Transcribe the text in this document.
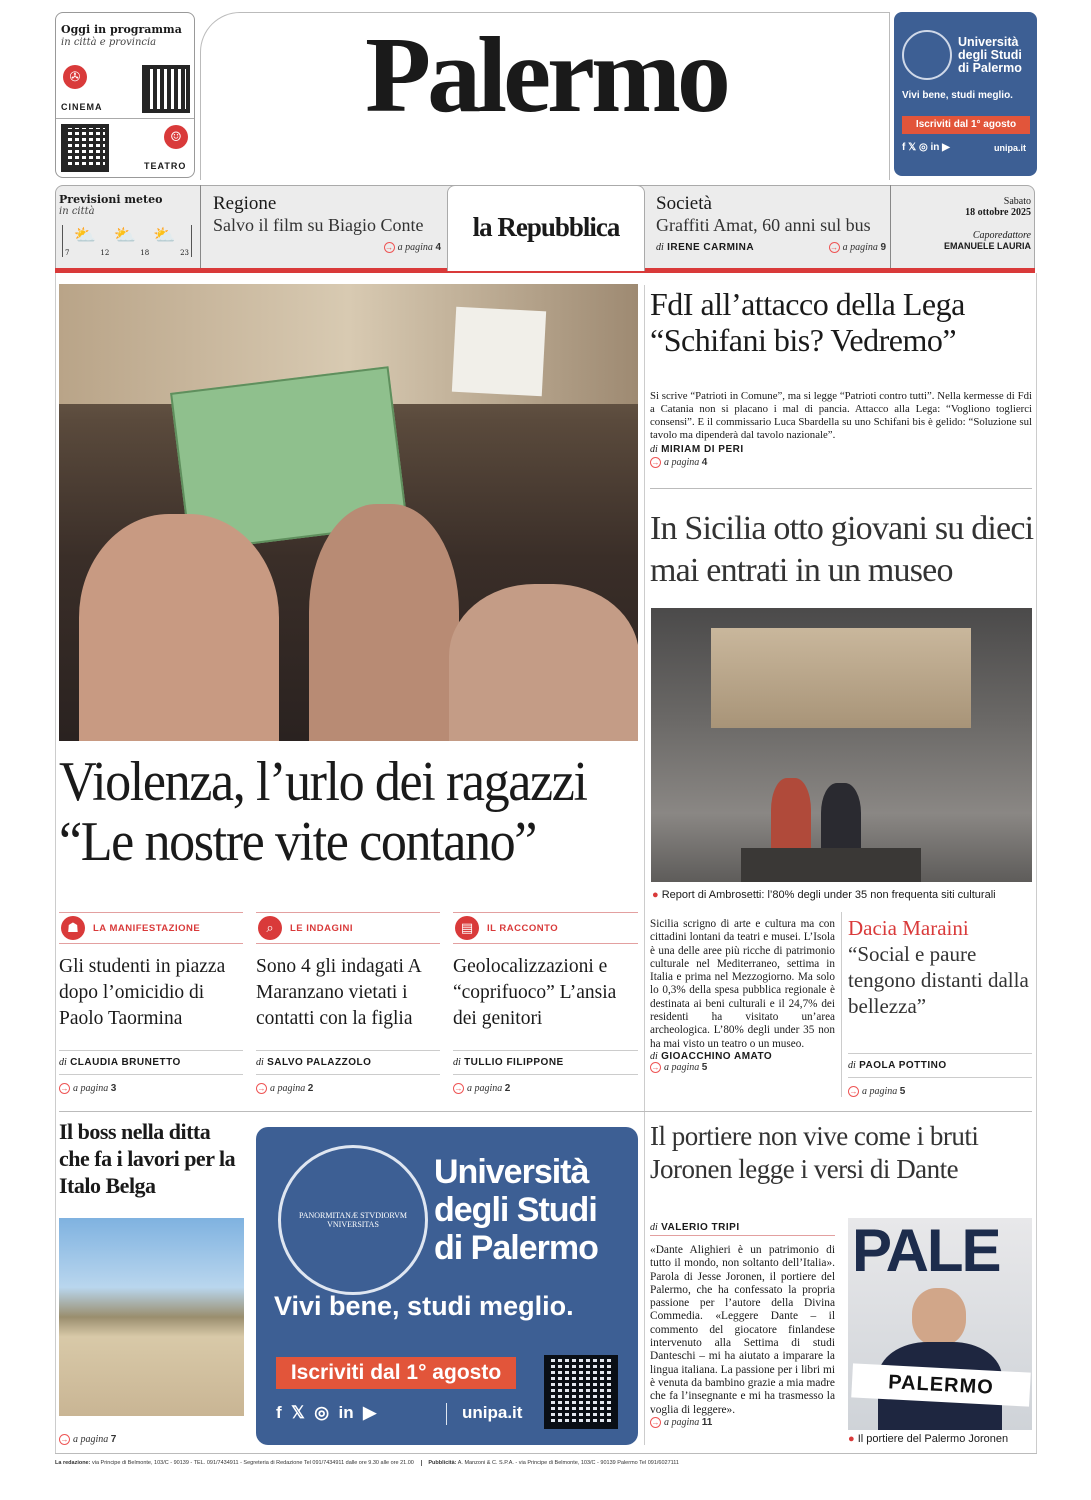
Oggi in programma
in città e provincia
✇
CINEMA
☺
TEATRO
Palermo	Università
degli Studi
di Palermo
Vivi bene, studi meglio.
Iscriviti dal 1° agosto
f 𝕏 ◎ in ▶	unipa.it
Previsioni meteo
in città
7
⛅
12
⛅
18
⛅
23
Regione
Salvo il film su Biagio Conte
→ a pagina 4
la Repubblica
Società
Graffiti Amat, 60 anni sul bus
di IRENE CARMINA	→ a pagina 9
Sabato
18 ottobre 2025
Caporedattore
EMANUELE LAURIA
Violenza, l’urlo dei ragazzi
“Le nostre vite contano”
☗	LA MANIFESTAZIONE
Gli studenti in piazza dopo l’omicidio di Paolo Taormina
di CLAUDIA BRUNETTO
→ a pagina 3
⌕	LE INDAGINI
Sono 4 gli indagati A Maranzano vietati i contatti con la figlia
di SALVO PALAZZOLO
→ a pagina 2
▤	IL RACCONTO
Geolocalizzazioni e “coprifuoco” L’ansia dei genitori
di TULLIO FILIPPONE
→ a pagina 2
FdI all’attacco della Lega “Schifani bis? Vedremo”
Si scrive “Patrioti in Comune”, ma si legge “Patrioti contro tutti”. Nella kermesse di Fdi a Catania non si placano i mal di pancia. Attacco alla Lega: “Vogliono toglierci consensi”. E il commissario Luca Sbardella su uno Schifani bis è gelido: “Soluzione sul tavolo ma dipenderà dal tavolo nazionale”.
di MIRIAM DI PERI
→ a pagina 4
In Sicilia otto giovani su dieci mai entrati in un museo
● Report di Ambrosetti: l’80% degli under 35 non frequenta siti culturali
Sicilia scrigno di arte e cultura ma con cittadini lontani da teatri e musei. L’Isola è una delle aree più ricche di patrimonio culturale nel Mediterraneo, settima in Italia e prima nel Mezzogiorno. Ma solo lo 0,3% della spesa pubblica regionale è destinata ai beni culturali e il 24,7% dei residenti ha visitato un’area archeologica. L’80% degli under 35 non ha mai visto un teatro o un museo.
di GIOACCHINO AMATO
→ a pagina 5
Dacia Maraini
“Social e paure tengono distanti dalla bellezza”
di PAOLA POTTINO
→ a pagina 5
Il boss nella ditta che fa i lavori per la Italo Belga
→ a pagina 7
PANORMITANÆ STVDIORVM VNIVERSITAS
Università
degli Studi
di Palermo
Vivi bene, studi meglio.
Iscriviti dal 1° agosto
f  𝕏  ◎  in  ▶	unipa.it
Il portiere non vive come i bruti Joronen legge i versi di Dante
di VALERIO TRIPI
«Dante Alighieri è un patrimonio di tutto il mondo, non soltanto dell’Italia». Parola di Jesse Joronen, il portiere del Palermo, che ha confessato la propria passione per l’autore della Divina Commedia. «Leggere Dante – il commento del giocatore finlandese intervenuto alla Settima di studi Danteschi – mi ha aiutato a imparare la lingua italiana. La passione per i libri mi è venuta da bambino grazie a mia madre che fa l’insegnante e mi ha trasmesso la voglia di leggere».
→ a pagina 11
PALE
PALERMO
● Il portiere del Palermo Joronen
La redazione: via Principe di Belmonte, 103/C - 90139 - TEL. 091/7434911 - Segreteria di Redazione Tel 091/7434911 dalle ore 9.30 alle ore 21.00	Pubblicità: A. Manzoni & C. S.P.A. - via Principe di Belmonte, 103/C - 90139 Palermo Tel 091/6027111
